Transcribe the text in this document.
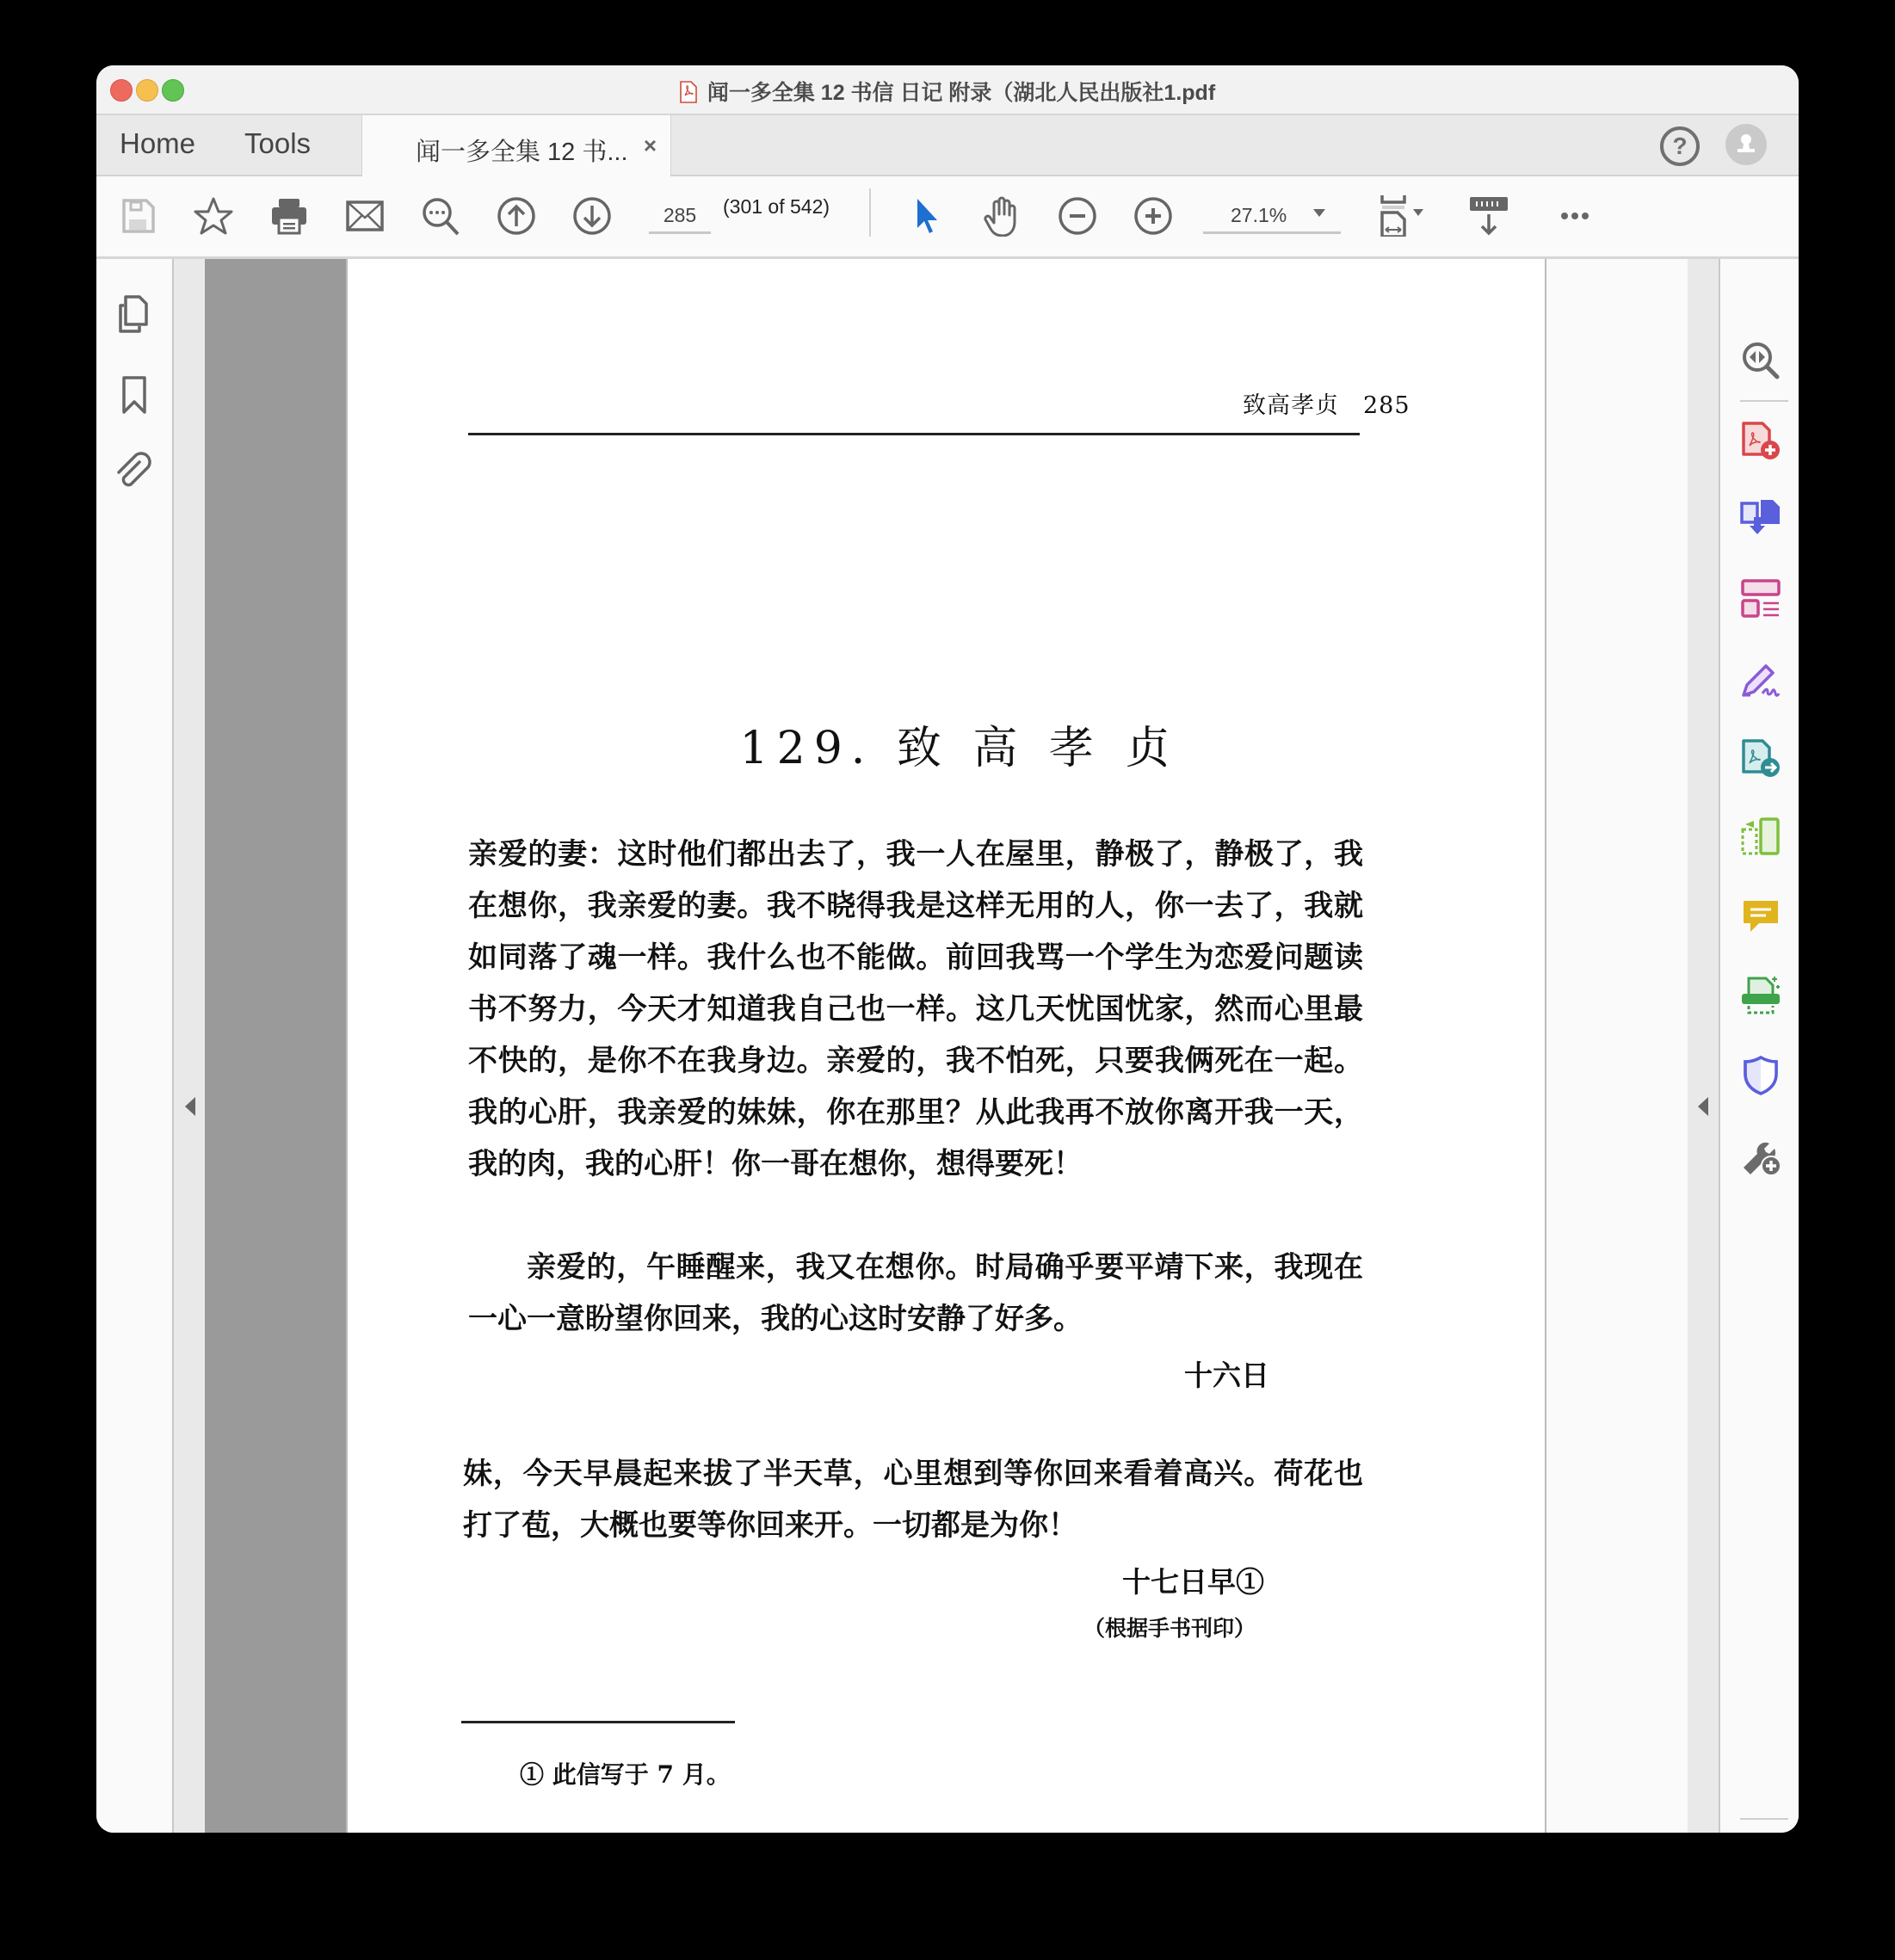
闻一多全集 12 书信 日记 附录（湖北人民出版社1.pdf
Home Tools	闻一多全集 12 书... ×	?
285	(301 of 542)	27.1%
致高孝贞　285
129. 致 高 孝 贞
亲爱的妻：这时他们都出去了，我一人在屋里，静极了，静极了，我在想你，我亲爱的妻。我不晓得我是这样无用的人，你一去了，我就如同落了魂一样。我什么也不能做。前回我骂一个学生为恋爱问题读书不努力，今天才知道我自己也一样。这几天忧国忧家，然而心里最不快的，是你不在我身边。亲爱的，我不怕死，只要我俩死在一起。我的心肝，我亲爱的妹妹，你在那里？从此我再不放你离开我一天，我的肉，我的心肝！你一哥在想你，想得要死！
亲爱的，午睡醒来，我又在想你。时局确乎要平靖下来，我现在一心一意盼望你回来，我的心这时安静了好多。
十六日
妹，今天早晨起来拔了半天草，心里想到等你回来看着高兴。荷花也打了苞，大概也要等你回来开。一切都是为你！
十七日早①
（根据手书刊印）
① 此信写于 7 月。
